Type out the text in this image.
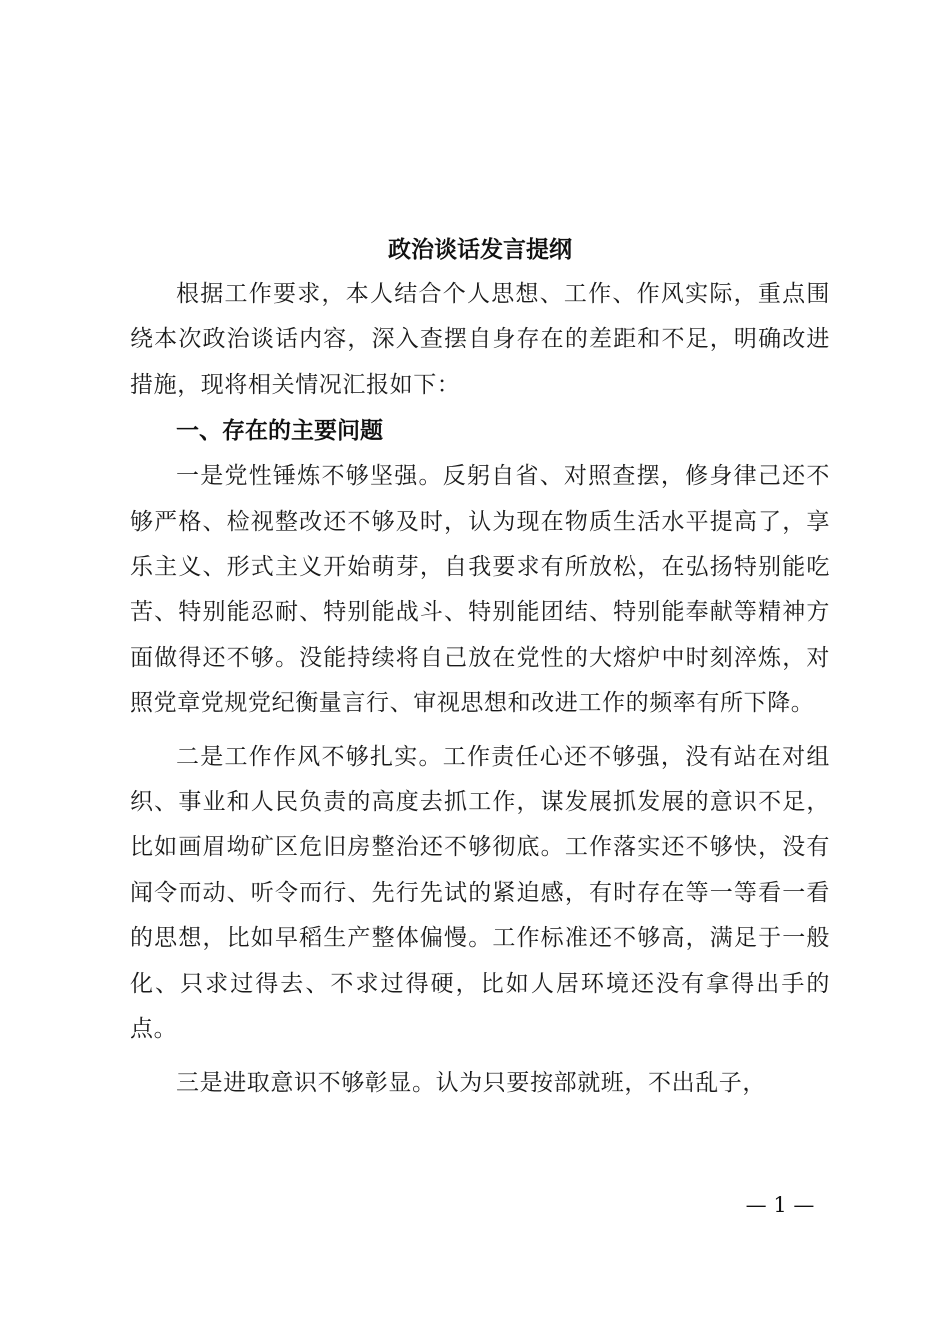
政治谈话发言提纲

根据工作要求，本人结合个人思想、工作、作风实际，重点围绕本次政治谈话内容，深入查摆自身存在的差距和不足，明确改进措施，现将相关情况汇报如下：

一、存在的主要问题

一是党性锤炼不够坚强。反躬自省、对照查摆，修身律己还不够严格、检视整改还不够及时，认为现在物质生活水平提高了，享乐主义、形式主义开始萌芽，自我要求有所放松，在弘扬特别能吃苦、特别能忍耐、特别能战斗、特别能团结、特别能奉献等精神方面做得还不够。没能持续将自己放在党性的大熔炉中时刻淬炼，对照党章党规党纪衡量言行、审视思想和改进工作的频率有所下降。

二是工作作风不够扎实。工作责任心还不够强，没有站在对组织、事业和人民负责的高度去抓工作，谋发展抓发展的意识不足，比如画眉坳矿区危旧房整治还不够彻底。工作落实还不够快，没有闻令而动、听令而行、先行先试的紧迫感，有时存在等一等看一看的思想，比如早稻生产整体偏慢。工作标准还不够高，满足于一般化、只求过得去、不求过得硬，比如人居环境还没有拿得出手的点。

三是进取意识不够彰显。认为只要按部就班，不出乱子，

— 1 —
